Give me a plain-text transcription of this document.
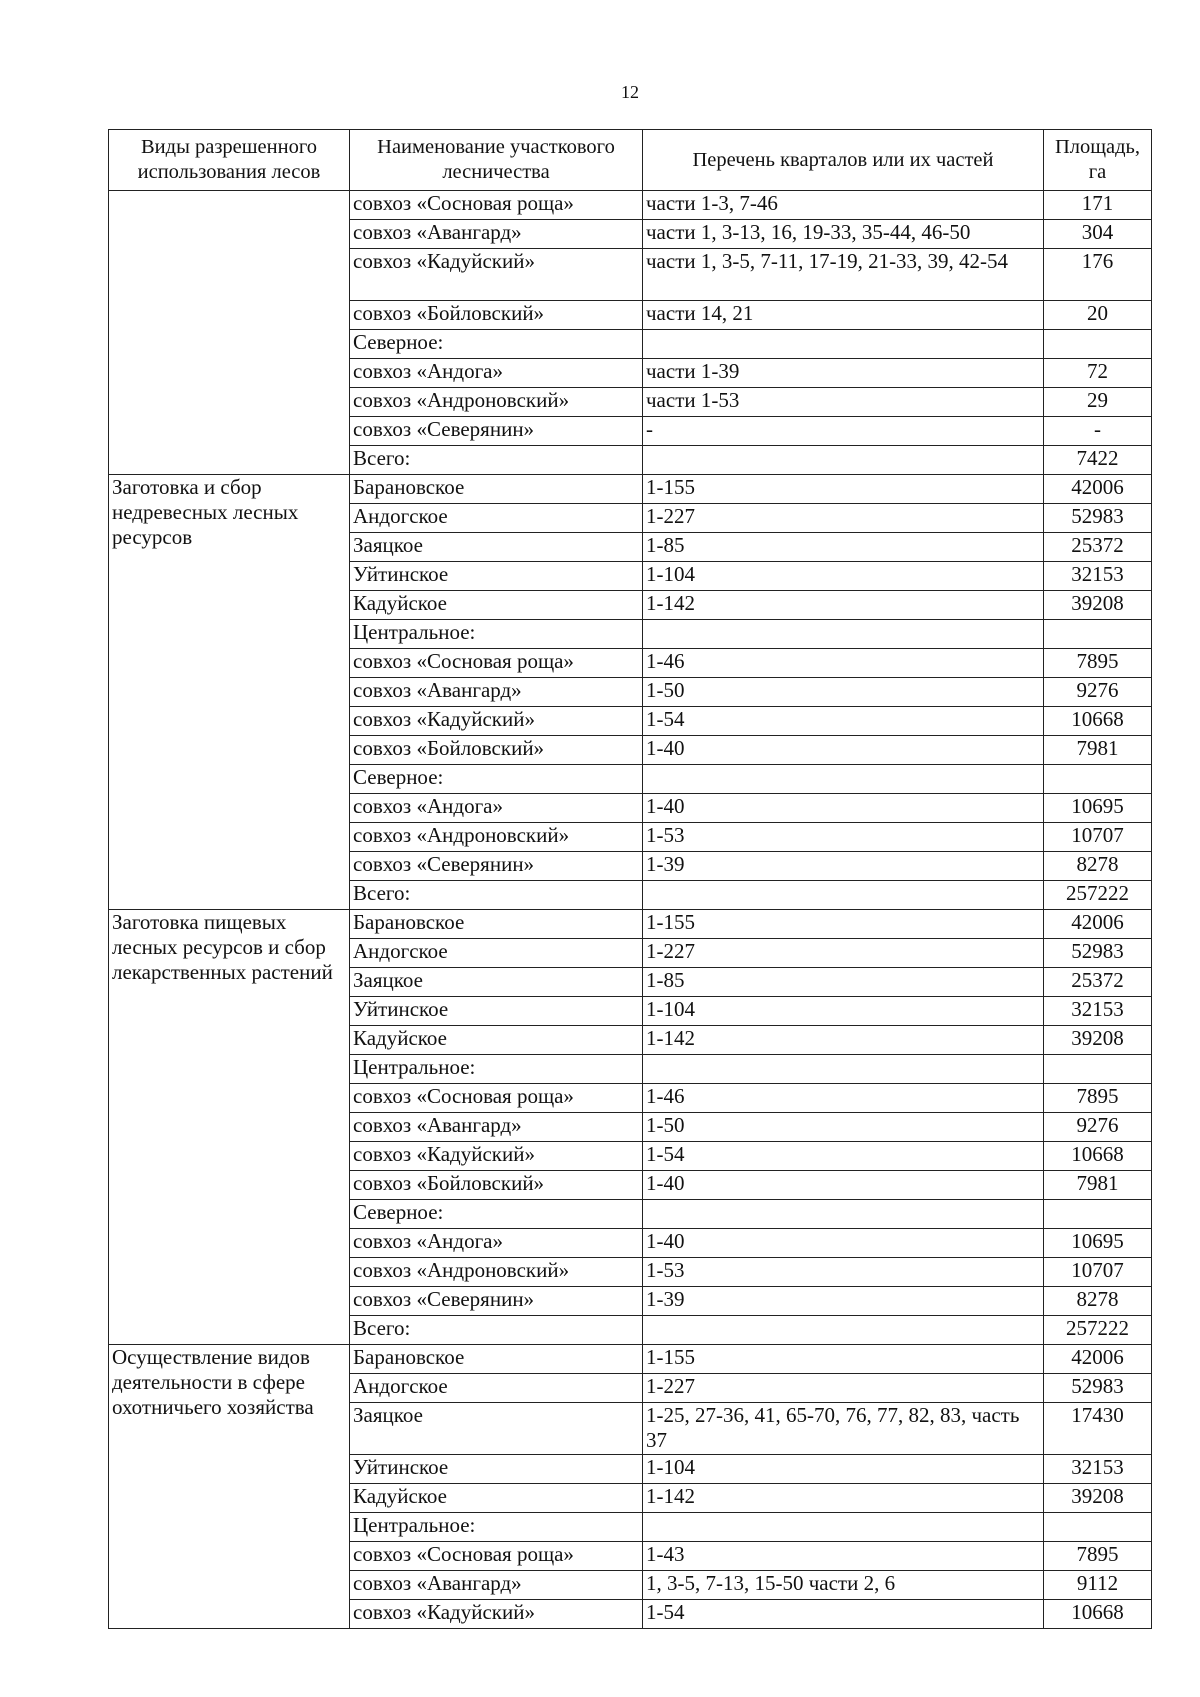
12
Виды разрешенного использования лесов	Наименование участкового лесничества	Перечень кварталов или их частей	Площадь, га
	совхоз «Сосновая роща»	части 1-3, 7-46	171
	совхоз «Авангард»	части 1, 3-13, 16, 19-33, 35-44, 46-50	304
	совхоз «Кадуйский»	части 1, 3-5, 7-11, 17-19, 21-33, 39, 42-54	176
	совхоз «Бойловский»	части 14, 21	20
	Северное:		
	совхоз «Андога»	части 1-39	72
	совхоз «Андроновский»	части 1-53	29
	совхоз «Северянин»	-	-
	Всего:		7422
Заготовка и сбор недревесных лесных ресурсов	Барановское	1-155	42006
	Андогское	1-227	52983
	Заяцкое	1-85	25372
	Уйтинское	1-104	32153
	Кадуйское	1-142	39208
	Центральное:		
	совхоз «Сосновая роща»	1-46	7895
	совхоз «Авангард»	1-50	9276
	совхоз «Кадуйский»	1-54	10668
	совхоз «Бойловский»	1-40	7981
	Северное:		
	совхоз «Андога»	1-40	10695
	совхоз «Андроновский»	1-53	10707
	совхоз «Северянин»	1-39	8278
	Всего:		257222
Заготовка пищевых лесных ресурсов и сбор лекарственных растений	Барановское	1-155	42006
	Андогское	1-227	52983
	Заяцкое	1-85	25372
	Уйтинское	1-104	32153
	Кадуйское	1-142	39208
	Центральное:		
	совхоз «Сосновая роща»	1-46	7895
	совхоз «Авангард»	1-50	9276
	совхоз «Кадуйский»	1-54	10668
	совхоз «Бойловский»	1-40	7981
	Северное:		
	совхоз «Андога»	1-40	10695
	совхоз «Андроновский»	1-53	10707
	совхоз «Северянин»	1-39	8278
	Всего:		257222
Осуществление видов деятельности в сфере охотничьего хозяйства	Барановское	1-155	42006
	Андогское	1-227	52983
	Заяцкое	1-25, 27-36, 41, 65-70, 76, 77, 82, 83, часть 37	17430
	Уйтинское	1-104	32153
	Кадуйское	1-142	39208
	Центральное:		
	совхоз «Сосновая роща»	1-43	7895
	совхоз «Авангард»	1, 3-5, 7-13, 15-50 части 2, 6	9112
	совхоз «Кадуйский»	1-54	10668
